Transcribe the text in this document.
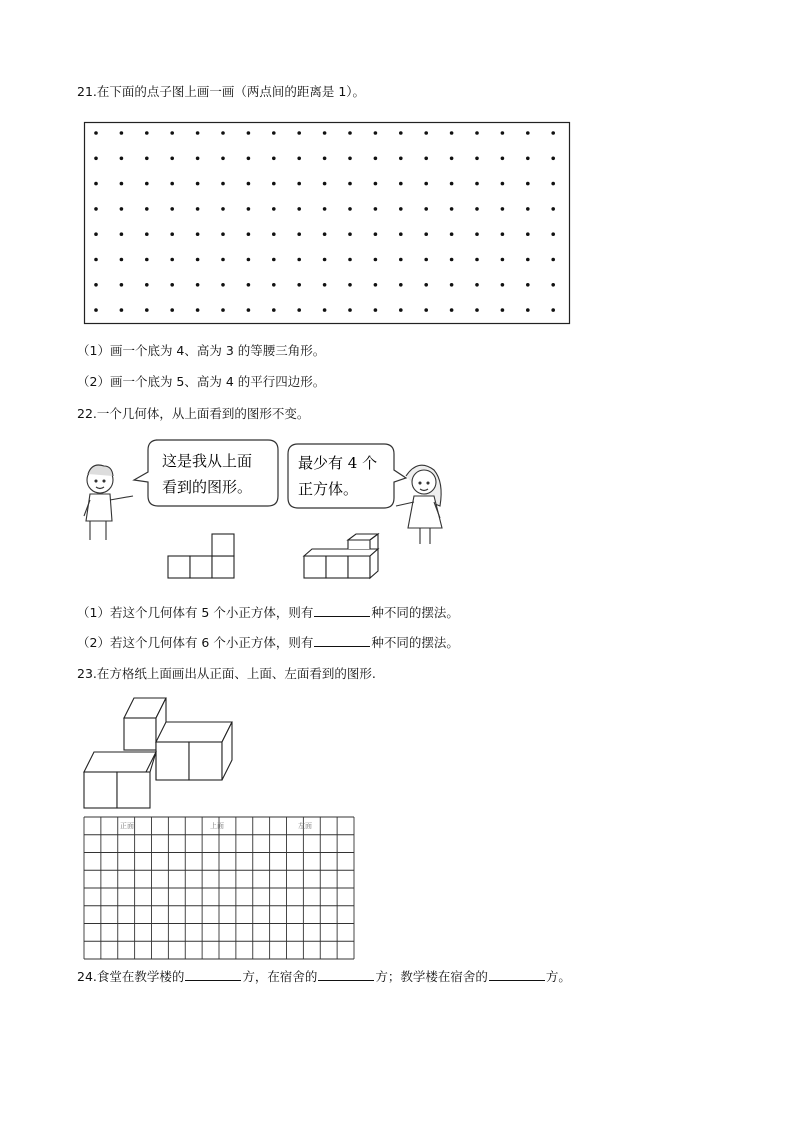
21.在下面的点子图上画一画（两点间的距离是 1）。
（1）画一个底为 4、高为 3 的等腰三角形。
（2）画一个底为 5、高为 4 的平行四边形。
22.一个几何体，从上面看到的图形不变。
这是我从上面
看到的图形。
最少有 4 个
正方体。
（1）若这个几何体有 5 个小正方体，则有	种不同的摆法。
（2）若这个几何体有 6 个小正方体，则有	种不同的摆法。
23.在方格纸上面画出从正面、上面、左面看到的图形.
正面	上面	左面
24.食堂在教学楼的	方，在宿舍的	方；教学楼在宿舍的	方。
